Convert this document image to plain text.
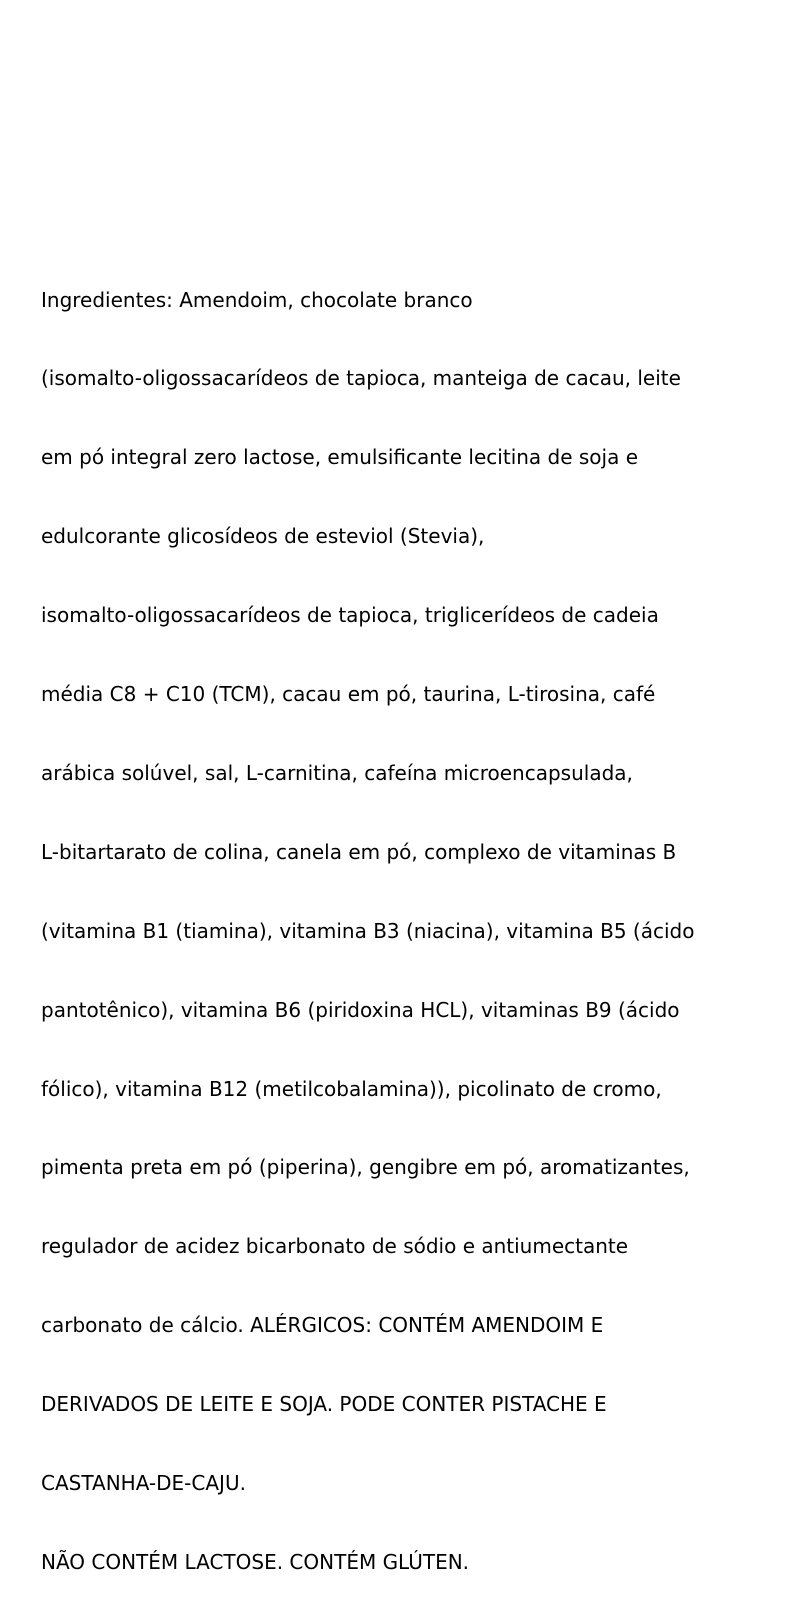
Ingredientes: Amendoim, chocolate branco

(isomalto-oligossacarídeos de tapioca, manteiga de cacau, leite

em pó integral zero lactose, emulsificante lecitina de soja e

edulcorante glicosídeos de esteviol (Stevia),

isomalto-oligossacarídeos de tapioca, triglicerídeos de cadeia

média C8 + C10 (TCM), cacau em pó, taurina, L-tirosina, café

arábica solúvel, sal, L-carnitina, cafeína microencapsulada,

L-bitartarato de colina, canela em pó, complexo de vitaminas B

(vitamina B1 (tiamina), vitamina B3 (niacina), vitamina B5 (ácido

pantotênico), vitamina B6 (piridoxina HCL), vitaminas B9 (ácido

fólico), vitamina B12 (metilcobalamina)), picolinato de cromo,

pimenta preta em pó (piperina), gengibre em pó, aromatizantes,

regulador de acidez bicarbonato de sódio e antiumectante

carbonato de cálcio. ALÉRGICOS: CONTÉM AMENDOIM E

DERIVADOS DE LEITE E SOJA. PODE CONTER PISTACHE E

CASTANHA-DE-CAJU.

NÃO CONTÉM LACTOSE. CONTÉM GLÚTEN.
